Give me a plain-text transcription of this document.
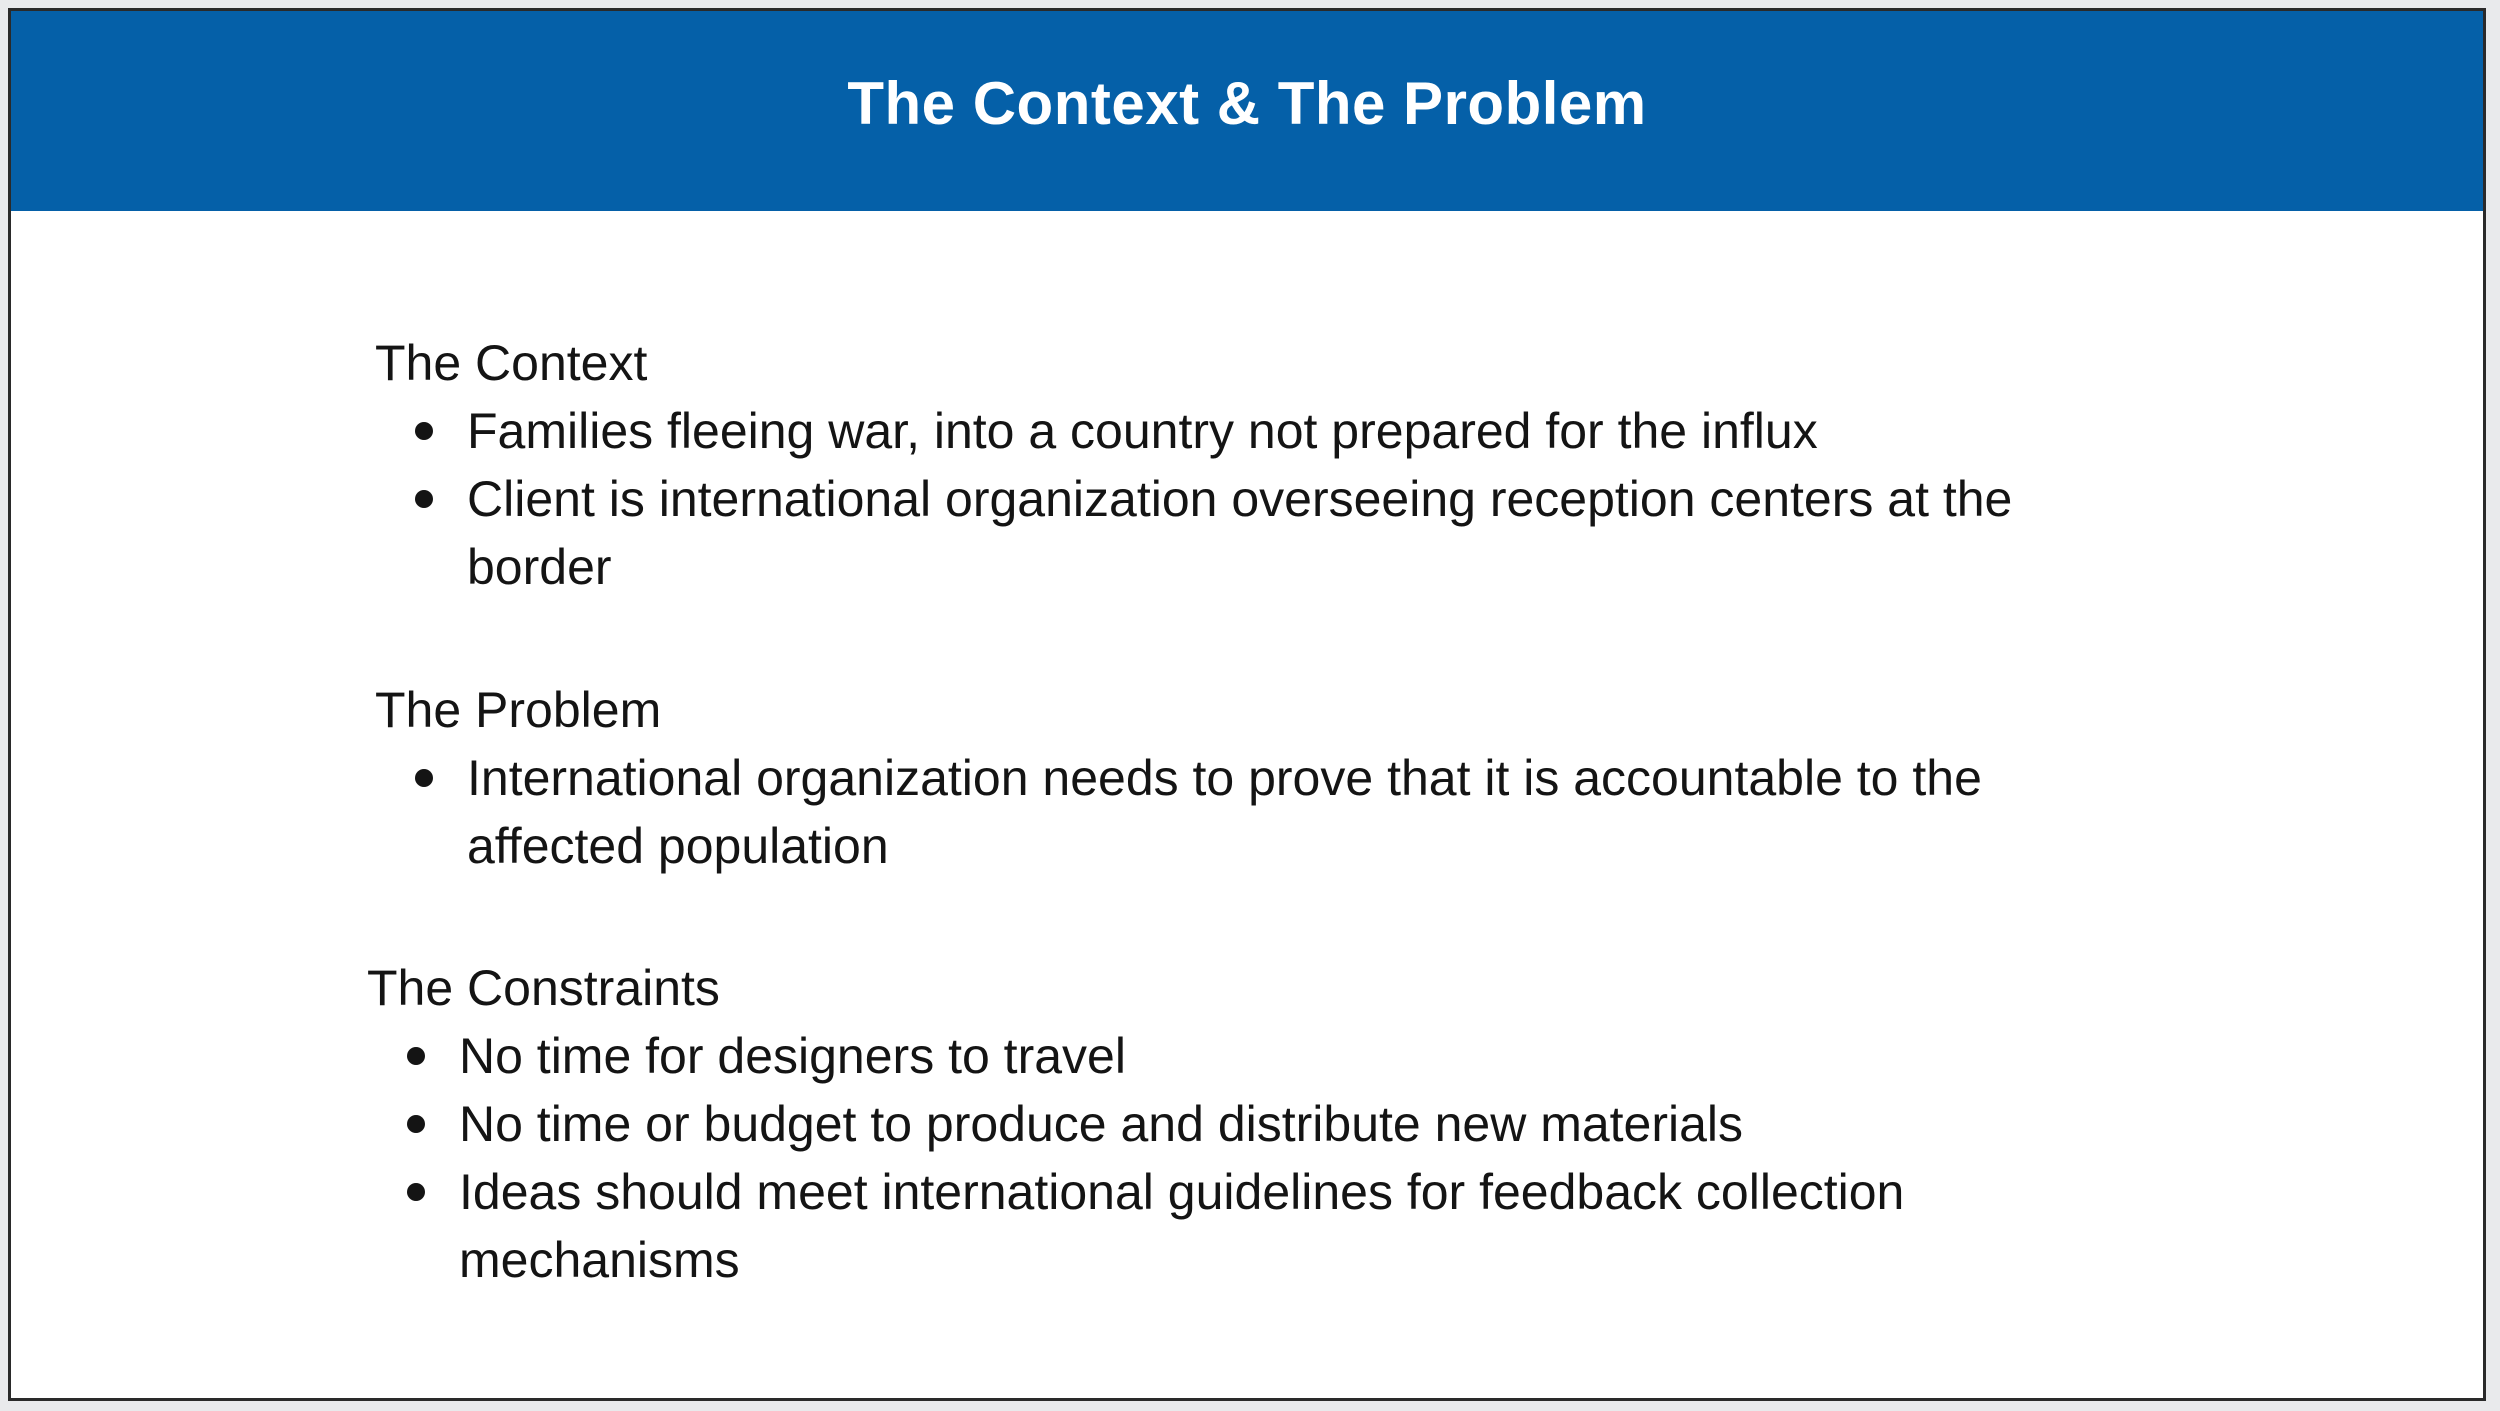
The Context & The Problem

The Context

Families fleeing war, into a country not prepared for the influx
Client is international organization overseeing reception centers at the border

The Problem

International organization needs to prove that it is accountable to the affected population

The Constraints

No time for designers to travel
No time or budget to produce and distribute new materials
Ideas should meet international guidelines for feedback collection mechanisms
